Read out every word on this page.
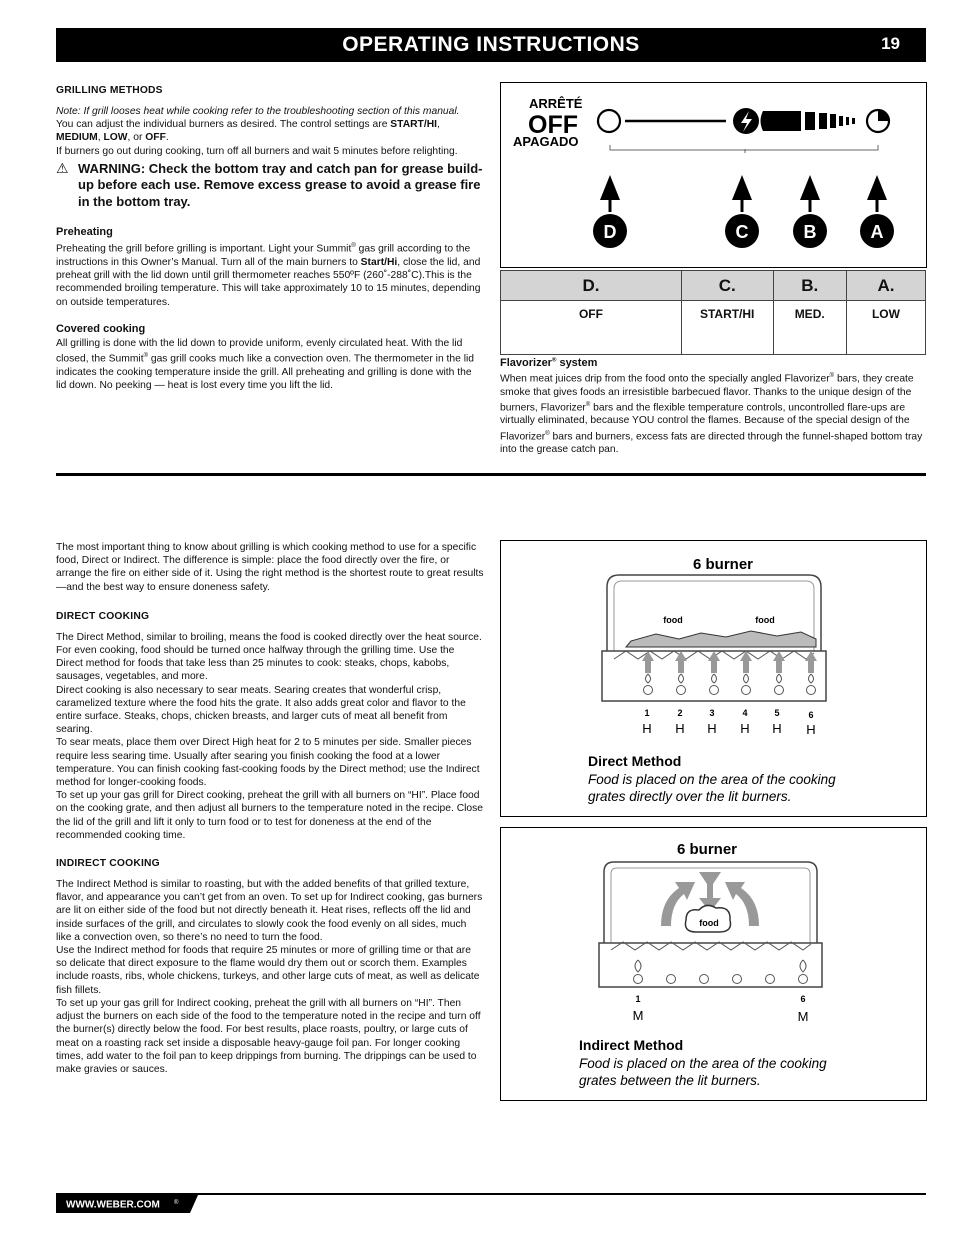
OPERATING INSTRUCTIONS	19

GRILLING METHODS

Note: If grill looses heat while cooking refer to the troubleshooting section of this manual.

You can adjust the individual burners as desired. The control settings are START/HI, MEDIUM, LOW, or OFF.

If burners go out during cooking, turn off all burners and wait 5 minutes before relighting.

⚠ WARNING: Check the bottom tray and catch pan for grease build-up before each use. Remove excess grease to avoid a grease fire in the bottom tray.

Preheating

Preheating the grill before grilling is important. Light your Summit® gas grill according to the instructions in this Owner’s Manual. Turn all of the main burners to Start/Hi, close the lid, and preheat grill with the lid down until grill thermometer reaches 550ºF (260˚-288˚C).This is the recommended broiling temperature. This will take approximately 10 to 15 minutes, depending on outside temperatures.

Covered cooking

All grilling is done with the lid down to provide uniform, evenly circulated heat. With the lid closed, the Summit® gas grill cooks much like a convection oven. The thermometer in the lid indicates the cooking temperature inside the grill. All preheating and grilling is done with the lid down. No peeking — heat is lost every time you lift the lid.

ARRÊTÉ
OFF
APAGADO
D	C	B	A
D.	C.	B.	A.
OFF	START/HI	MED.	LOW

Flavorizer® system

When meat juices drip from the food onto the specially angled Flavorizer® bars, they create smoke that gives foods an irresistible barbecued flavor. Thanks to the unique design of the burners, Flavorizer® bars and the flexible temperature controls, uncontrolled flare-ups are virtually eliminated, because YOU control the flames. Because of the special design of the Flavorizer® bars and burners, excess fats are directed through the funnel-shaped bottom tray into the grease catch pan.

The most important thing to know about grilling is which cooking method to use for a specific food, Direct or Indirect. The difference is simple: place the food directly over the fire, or arrange the fire on either side of it. Using the right method is the shortest route to great results—and the best way to ensure doneness safety.

DIRECT COOKING

The Direct Method, similar to broiling, means the food is cooked directly over the heat source. For even cooking, food should be turned once halfway through the grilling time. Use the Direct method for foods that take less than 25 minutes to cook: steaks, chops, kabobs, sausages, vegetables, and more.

Direct cooking is also necessary to sear meats. Searing creates that wonderful crisp, caramelized texture where the food hits the grate. It also adds great color and flavor to the entire surface. Steaks, chops, chicken breasts, and larger cuts of meat all benefit from searing.

To sear meats, place them over Direct High heat for 2 to 5 minutes per side. Smaller pieces require less searing time. Usually after searing you finish cooking the food at a lower temperature. You can finish cooking fast-cooking foods by the Direct method; use the Indirect method for longer-cooking foods.

To set up your gas grill for Direct cooking, preheat the grill with all burners on “HI”. Place food on the cooking grate, and then adjust all burners to the temperature noted in the recipe. Close the lid of the grill and lift it only to turn food or to test for doneness at the end of the recommended cooking time.

INDIRECT COOKING

The Indirect Method is similar to roasting, but with the added benefits of that grilled texture, flavor, and appearance you can’t get from an oven. To set up for Indirect cooking, gas burners are lit on either side of the food but not directly beneath it. Heat rises, reflects off the lid and inside surfaces of the grill, and circulates to slowly cook the food evenly on all sides, much like a convection oven, so there’s no need to turn the food.

Use the Indirect method for foods that require 25 minutes or more of grilling time or that are so delicate that direct exposure to the flame would dry them out or scorch them. Examples include roasts, ribs, whole chickens, turkeys, and other large cuts of meat, as well as delicate fish fillets.

To set up your gas grill for Indirect cooking, preheat the grill with all burners on “HI”. Then adjust the burners on each side of the food to the temperature noted in the recipe and turn off the burner(s) directly below the food. For best results, place roasts, poultry, or large cuts of meat on a roasting rack set inside a disposable heavy-gauge foil pan. For longer cooking times, add water to the foil pan to keep drippings from burning. The drippings can be used to make gravies or sauces.

6 burner
food	food
1	2	3	4	5	6
H H H H H H
Direct Method
Food is placed on the area of the cooking
grates directly over the lit burners.
6 burner
food
1	6
M	M
Indirect Method
Food is placed on the area of the cooking
grates between the lit burners.
WWW.WEBER.COM ®
